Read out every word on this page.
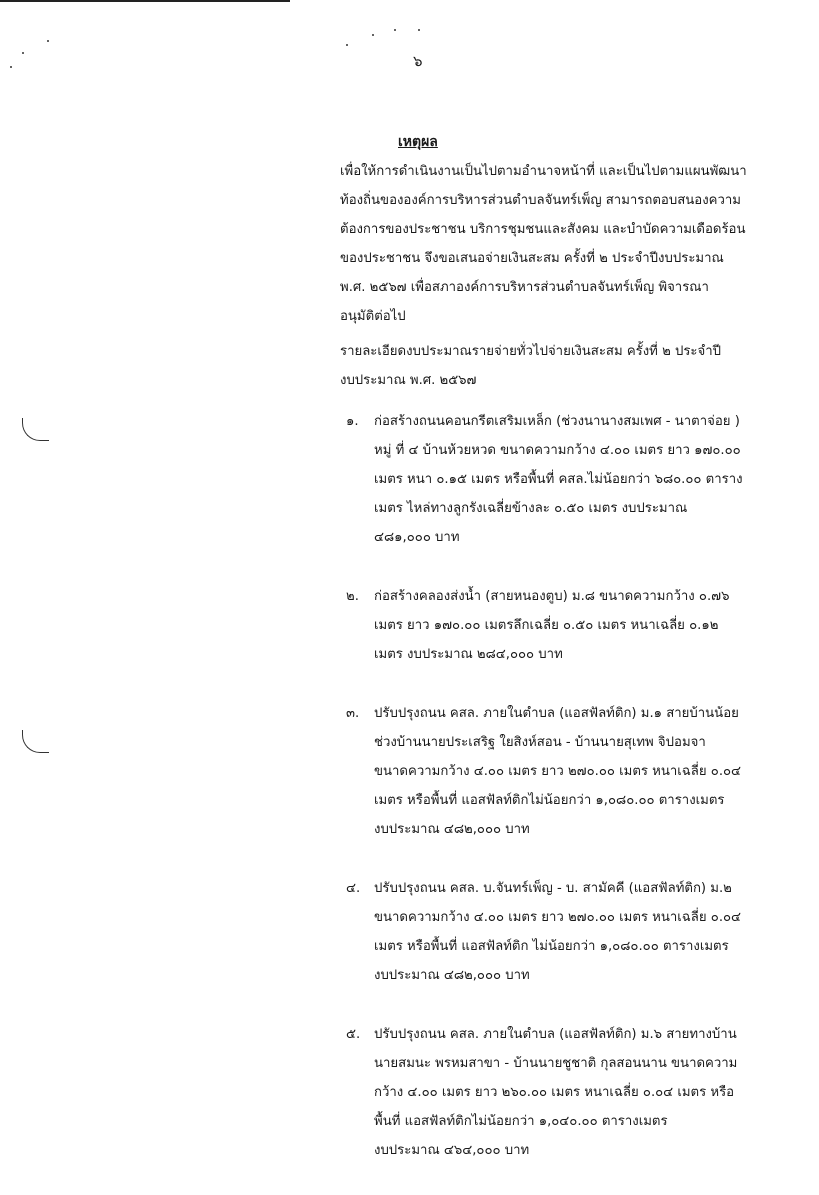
๖
เหตุผล

เพื่อให้การดำเนินงานเป็นไปตามอำนาจหน้าที่ และเป็นไปตามแผนพัฒนา

ท้องถิ่นขององค์การบริหารส่วนตำบลจันทร์เพ็ญ สามารถตอบสนองความ

ต้องการของประชาชน บริการชุมชนและสังคม และบำบัดความเดือดร้อน

ของประชาชน จึงขอเสนอจ่ายเงินสะสม ครั้งที่ ๒ ประจำปีงบประมาณ

พ.ศ. ๒๕๖๗ เพื่อสภาองค์การบริหารส่วนตำบลจันทร์เพ็ญ พิจารณา

อนุมัติต่อไป

รายละเอียดงบประมาณรายจ่ายทั่วไปจ่ายเงินสะสม ครั้งที่ ๒ ประจำปี

งบประมาณ พ.ศ. ๒๕๖๗

๑. ก่อสร้างถนนคอนกรีตเสริมเหล็ก (ช่วงนานางสมเพศ - นาตาจ่อย )
หมู่ ที่ ๔ บ้านห้วยหวด ขนาดความกว้าง ๔.๐๐ เมตร ยาว ๑๗๐.๐๐
เมตร หนา ๐.๑๕ เมตร หรือพื้นที่ คสล.ไม่น้อยกว่า ๖๘๐.๐๐ ตาราง
เมตร ไหล่ทางลูกรังเฉลี่ยข้างละ ๐.๕๐ เมตร งบประมาณ
๔๘๑,๐๐๐ บาท
๒. ก่อสร้างคลองส่งน้ำ (สายหนองตูบ) ม.๘ ขนาดความกว้าง ๐.๗๖
เมตร ยาว ๑๗๐.๐๐ เมตรลึกเฉลี่ย ๐.๕๐ เมตร หนาเฉลี่ย ๐.๑๒
เมตร งบประมาณ ๒๘๔,๐๐๐ บาท
๓. ปรับปรุงถนน คสล. ภายในตำบล (แอสฟัลท์ติก) ม.๑ สายบ้านน้อย
ช่วงบ้านนายประเสริฐ ใยสิงห์สอน - บ้านนายสุเทพ จิปอมจา
ขนาดความกว้าง ๔.๐๐ เมตร ยาว ๒๗๐.๐๐ เมตร หนาเฉลี่ย ๐.๐๔
เมตร หรือพื้นที่ แอสฟัลท์ติกไม่น้อยกว่า ๑,๐๘๐.๐๐ ตารางเมตร
งบประมาณ ๔๘๒,๐๐๐ บาท
๔. ปรับปรุงถนน คสล. บ.จันทร์เพ็ญ - บ. สามัคคี (แอสฟัลท์ติก) ม.๒
ขนาดความกว้าง ๔.๐๐ เมตร ยาว ๒๗๐.๐๐ เมตร หนาเฉลี่ย ๐.๐๔
เมตร หรือพื้นที่ แอสฟัลท์ติก ไม่น้อยกว่า ๑,๐๘๐.๐๐ ตารางเมตร
งบประมาณ ๔๘๒,๐๐๐ บาท
๕. ปรับปรุงถนน คสล. ภายในตำบล (แอสฟัลท์ติก) ม.๖ สายทางบ้าน
นายสมนะ พรหมสาขา - บ้านนายชูชาติ กุลสอนนาน ขนาดความ
กว้าง ๔.๐๐ เมตร ยาว ๒๖๐.๐๐ เมตร หนาเฉลี่ย ๐.๐๔ เมตร หรือ
พื้นที่ แอสฟัลท์ติกไม่น้อยกว่า ๑,๐๔๐.๐๐ ตารางเมตร
งบประมาณ ๔๖๔,๐๐๐ บาท
